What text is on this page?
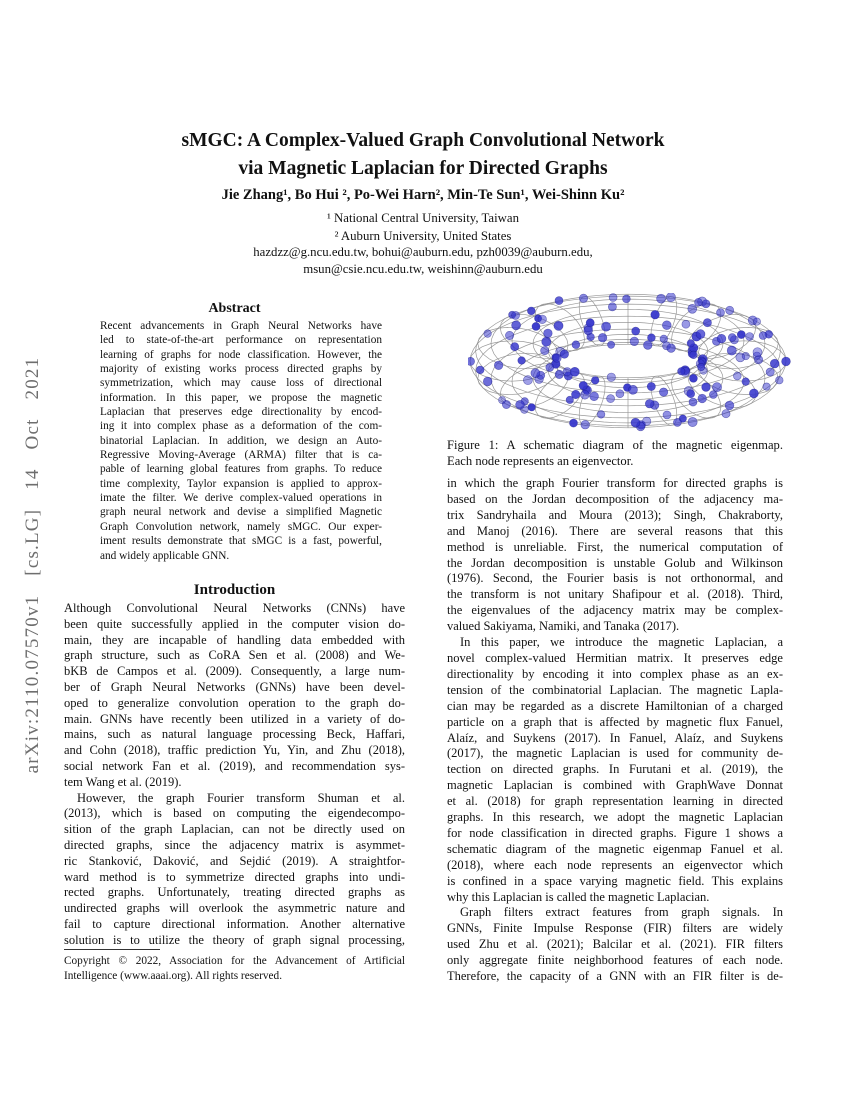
arXiv:2110.07570v1 [cs.LG] 14 Oct 2021
sMGC: A Complex-Valued Graph Convolutional Network
via Magnetic Laplacian for Directed Graphs
Jie Zhang¹, Bo Hui ², Po-Wei Harn², Min-Te Sun¹, Wei-Shinn Ku²
¹ National Central University, Taiwan
² Auburn University, United States
hazdzz@g.ncu.edu.tw, bohui@auburn.edu, pzh0039@auburn.edu,
msun@csie.ncu.edu.tw, weishinn@auburn.edu
Abstract
Recent advancements in Graph Neural Networks have
led to state-of-the-art performance on representation
learning of graphs for node classification. However, the
majority of existing works process directed graphs by
symmetrization, which may cause loss of directional
information. In this paper, we propose the magnetic
Laplacian that preserves edge directionality by encod-
ing it into complex phase as a deformation of the com-
binatorial Laplacian. In addition, we design an Auto-
Regressive Moving-Average (ARMA) filter that is ca-
pable of learning global features from graphs. To reduce
time complexity, Taylor expansion is applied to approx-
imate the filter. We derive complex-valued operations in
graph neural network and devise a simplified Magnetic
Graph Convolution network, namely sMGC. Our exper-
iment results demonstrate that sMGC is a fast, powerful,
and widely applicable GNN.
Introduction
Although Convolutional Neural Networks (CNNs) have
been quite successfully applied in the computer vision do-
main, they are incapable of handling data embedded with
graph structure, such as CoRA Sen et al. (2008) and We-
bKB de Campos et al. (2009). Consequently, a large num-
ber of Graph Neural Networks (GNNs) have been devel-
oped to generalize convolution operation to the graph do-
main. GNNs have recently been utilized in a variety of do-
mains, such as natural language processing Beck, Haffari,
and Cohn (2018), traffic prediction Yu, Yin, and Zhu (2018),
social network Fan et al. (2019), and recommendation sys-
tem Wang et al. (2019).
However, the graph Fourier transform Shuman et al.
(2013), which is based on computing the eigendecompo-
sition of the graph Laplacian, can not be directly used on
directed graphs, since the adjacency matrix is asymmet-
ric Stanković, Daković, and Sejdić (2019). A straightfor-
ward method is to symmetrize directed graphs into undi-
rected graphs. Unfortunately, treating directed graphs as
undirected graphs will overlook the asymmetric nature and
fail to capture directional information. Another alternative
solution is to utilize the theory of graph signal processing,
Copyright © 2022, Association for the Advancement of Artificial
Intelligence (www.aaai.org). All rights reserved.
Figure 1: A schematic diagram of the magnetic eigenmap.
Each node represents an eigenvector.
in which the graph Fourier transform for directed graphs is
based on the Jordan decomposition of the adjacency ma-
trix Sandryhaila and Moura (2013); Singh, Chakraborty,
and Manoj (2016). There are several reasons that this
method is unreliable. First, the numerical computation of
the Jordan decomposition is unstable Golub and Wilkinson
(1976). Second, the Fourier basis is not orthonormal, and
the transform is not unitary Shafipour et al. (2018). Third,
the eigenvalues of the adjacency matrix may be complex-
valued Sakiyama, Namiki, and Tanaka (2017).
In this paper, we introduce the magnetic Laplacian, a
novel complex-valued Hermitian matrix. It preserves edge
directionality by encoding it into complex phase as an ex-
tension of the combinatorial Laplacian. The magnetic Lapla-
cian may be regarded as a discrete Hamiltonian of a charged
particle on a graph that is affected by magnetic flux Fanuel,
Alaíz, and Suykens (2017). In Fanuel, Alaíz, and Suykens
(2017), the magnetic Laplacian is used for community de-
tection on directed graphs. In Furutani et al. (2019), the
magnetic Laplacian is combined with GraphWave Donnat
et al. (2018) for graph representation learning in directed
graphs. In this research, we adopt the magnetic Laplacian
for node classification in directed graphs. Figure 1 shows a
schematic diagram of the magnetic eigenmap Fanuel et al.
(2018), where each node represents an eigenvector which
is confined in a space varying magnetic field. This explains
why this Laplacian is called the magnetic Laplacian.
Graph filters extract features from graph signals. In
GNNs, Finite Impulse Response (FIR) filters are widely
used Zhu et al. (2021); Balcilar et al. (2021). FIR filters
only aggregate finite neighborhood features of each node.
Therefore, the capacity of a GNN with an FIR filter is de-
